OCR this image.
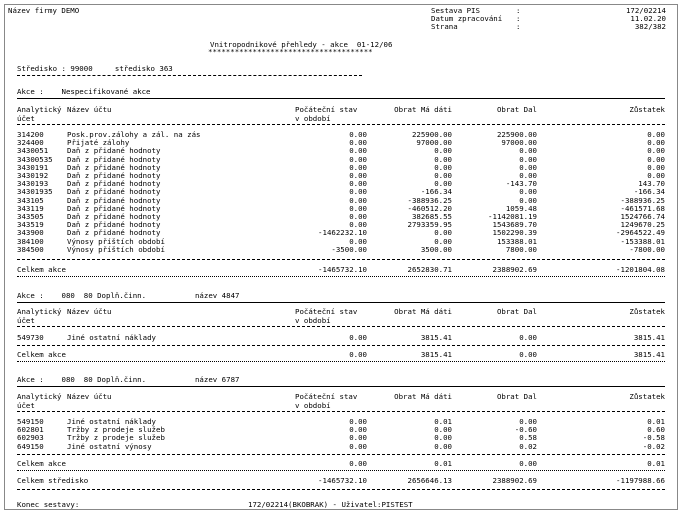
Název firmy DEMO	Sestava PIS	:	172/02214
Datum zpracování :	11.02.20
Strana	:	382/382
Vnitropodnikové přehledy - akce  01-12/06
*************************************
Středisko : 99000     středisko 363
Akce :    Nespecifikované akce
Analytický
účet
Název účtu	Počáteční stav
v období
Obrat Má dáti	Obrat Dal	Zůstatek
314200	Posk.prov.zálohy a zál. na zás	0.00	225900.00	225900.00	0.00
324400	Přijaté zálohy	0.00	97000.00	97000.00	0.00
3430051	Daň z přidané hodnoty	0.00	0.00	0.00	0.00
34300535 Daň z přidané hodnoty	0.00	0.00	0.00	0.00
3430191	Daň z přidané hodnoty	0.00	0.00	0.00	0.00
3430192	Daň z přidané hodnoty	0.00	0.00	0.00	0.00
3430193	Daň z přidané hodnoty	0.00	0.00	-143.70	143.70
34301935 Daň z přidané hodnoty	0.00	-166.34	0.00	-166.34
343105	Daň z přidané hodnoty	0.00	-388936.25	0.00	-388936.25
343119	Daň z přidané hodnoty	0.00	-460512.20	1059.48	-461571.68
343505	Daň z přidané hodnoty	0.00	382685.55	-1142081.19	1524766.74
343519	Daň z přidané hodnoty	0.00	2793359.95	1543689.70	1249670.25
343900	Daň z přidané hodnoty	-1462232.10	0.00	1502290.39	-2964522.49
384100	Výnosy příštích období	0.00	0.00	153388.01	-153388.01
384500	Výnosy příštích období	-3500.00	3500.00	7800.00	-7800.00
Celkem akce	-1465732.10	2652830.71	2388902.69	-1201804.08
Akce :    080  80 Doplň.činn.           název 4847
Analytický
účet
Název účtu	Počáteční stav
v období
Obrat Má dáti	Obrat Dal	Zůstatek
549730	Jiné ostatní náklady	0.00	3815.41	0.00	3815.41
Celkem akce	0.00	3815.41	0.00	3815.41
Akce :    080  80 Doplň.činn.           název 6787
Analytický
účet
Název účtu	Počáteční stav
v období
Obrat Má dáti	Obrat Dal	Zůstatek
549150	Jiné ostatní náklady	0.00	0.01	0.00	0.01
602801	Tržby z prodeje služeb	0.00	0.00	-0.60	0.60
602903	Tržby z prodeje služeb	0.00	0.00	0.58	-0.58
649150	Jiné ostatní výnosy	0.00	0.00	0.02	-0.02
Celkem akce	0.00	0.01	0.00	0.01
Celkem středisko	-1465732.10	2656646.13	2388902.69	-1197988.66
Konec sestavy:	172/02214(BKOBRAK) - Uživatel:PISTEST
